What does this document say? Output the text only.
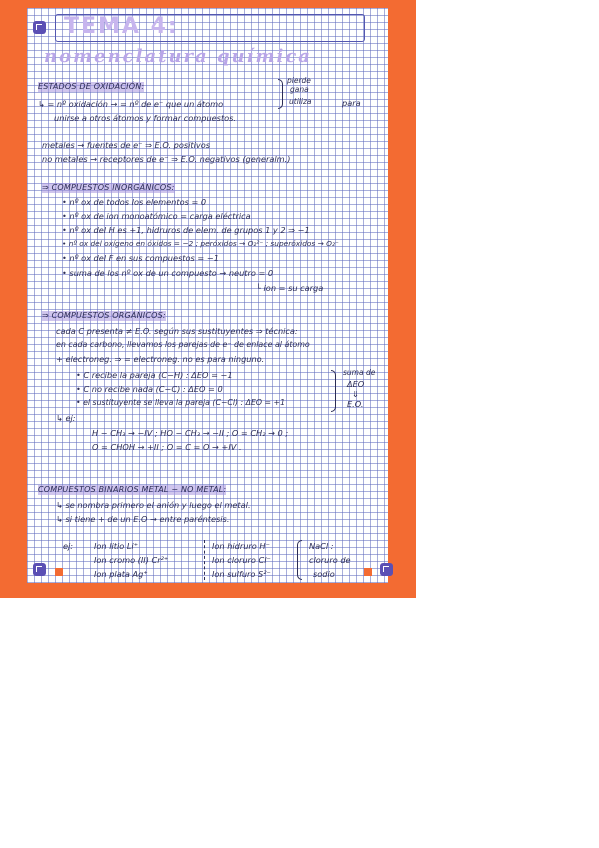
TEMA 4:
nomenclatura química
ESTADOS DE OXIDACIÓN:
↳ = nº oxidación → = nº de e⁻ que un átomo
pierde
gana
utiliza	para
unirse a otros átomos y formar compuestos.
metales → fuentes de e⁻ ⇒ E.O. positivos
no metales → receptores de e⁻ ⇒ E.O. negativos (generalm.)
⇒ COMPUESTOS INORGÁNICOS:
• nº ox de todos los elementos = 0
• nº ox de ion monoatómico = carga eléctrica
• nº ox del H es +1, hidruros de elem. de grupos 1 y 2 ⇒ −1
• nº ox del oxígeno en óxidos = −2 ; peróxidos → O₂²⁻ ; superóxidos → O₂⁻
• nº ox del F en sus compuestos = −1
• suma de los nº ox de un compuesto → neutro = 0
└ ion = su carga
⇒ COMPUESTOS ORGÁNICOS:
cada C presenta ≠ E.O. según sus sustituyentes ⇒ técnica:
en cada carbono, llevamos los parejas de e⁻ de enlace al átomo
+ electroneg. ⇒ = electroneg. no es para ninguno.
• C recibe la pareja (C−H) : ΔEO = −1
• C no recibe nada (C−C) : ΔEO = 0
• el sustituyente se lleva la pareja (C−Cl) : ΔEO = +1
suma de
ΔEO
⇓
E.O.
↳ ej:
H − CH₃ → −IV ; HO − CH₃ → −II ; O = CH₂ → 0 ;
O = CHOH → +II ; O = C = O → +IV .
COMPUESTOS BINARIOS METAL − NO METAL:
↳ se nombra primero el anión y luego el metal.
↳ si tiene + de un E.O → entre paréntesis.
ej:	Ion litio Li⁺
Ion cromo (II) Cr²⁺
Ion plata Ag⁺
Ion hidruro H⁻
Ion cloruro Cl⁻
Ion sulfuro S²⁻
NaCl :
cloruro de
sodio
